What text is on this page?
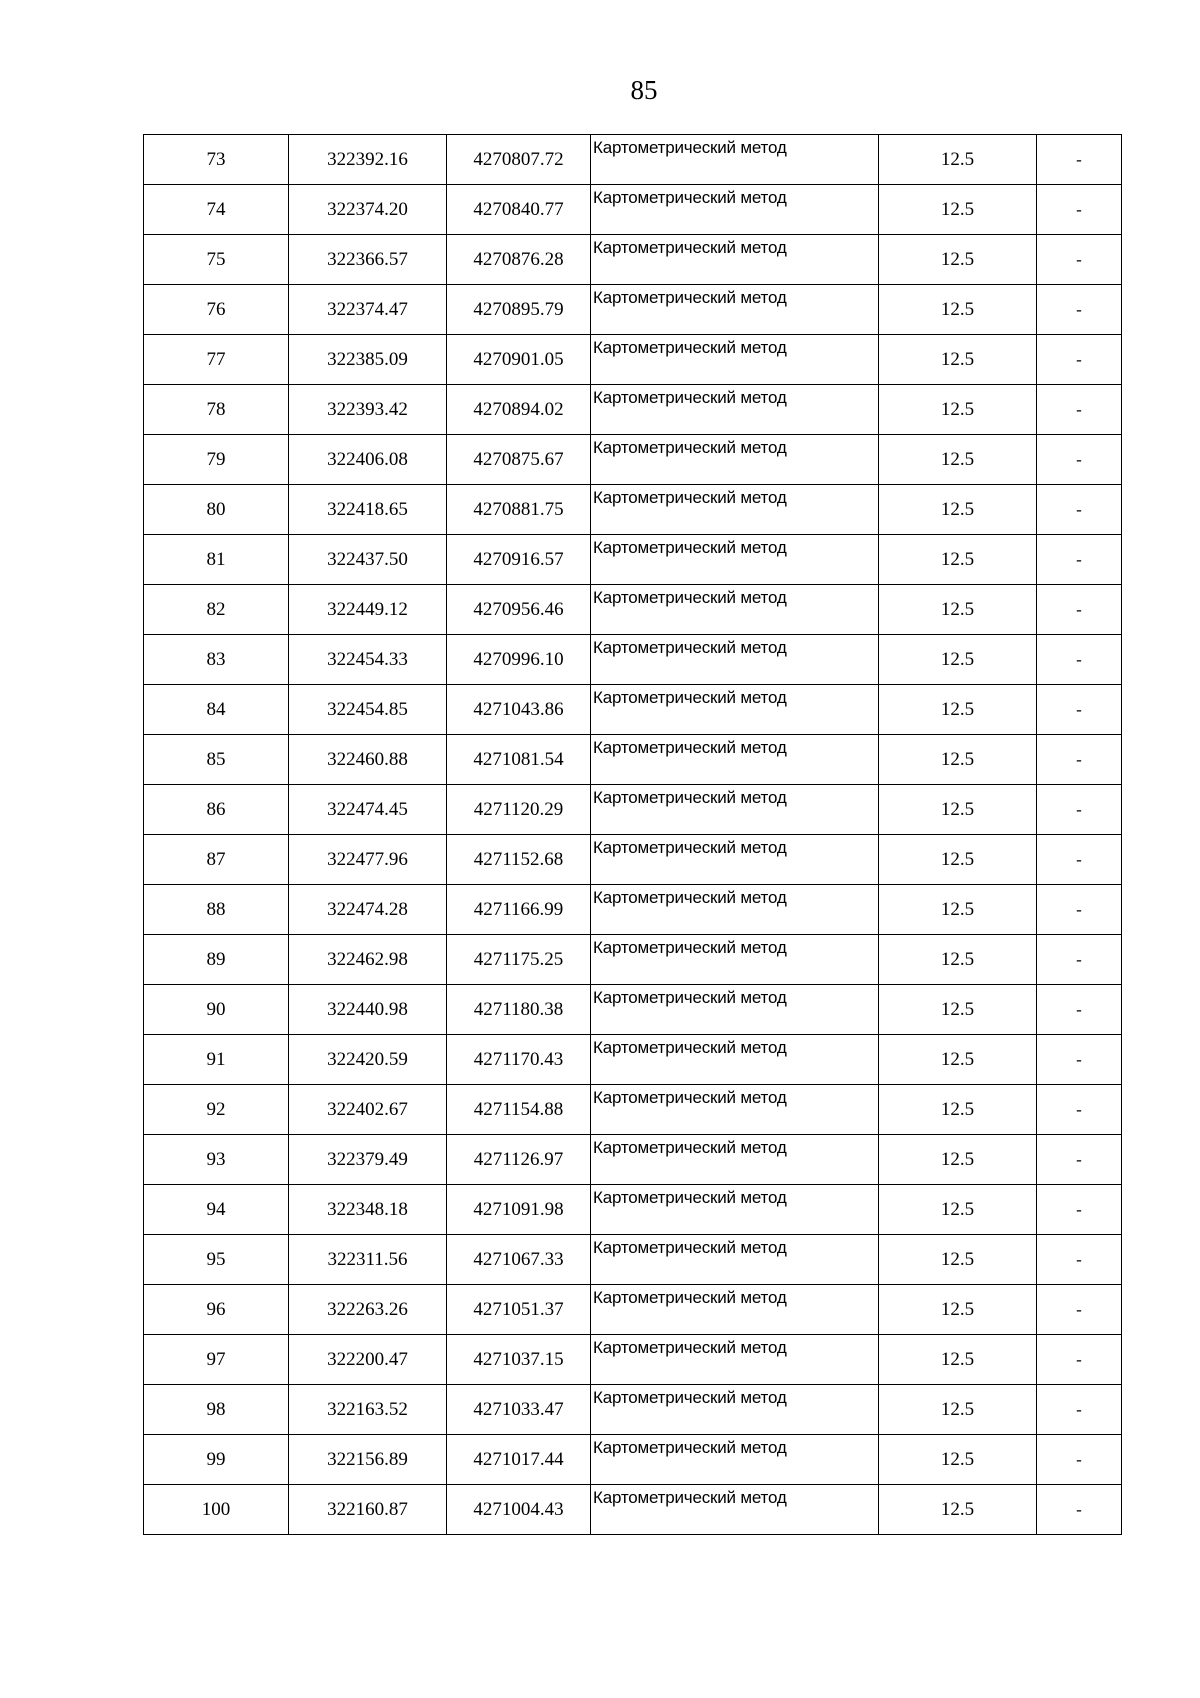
85
73	322392.16	4270807.72	Картометрический метод	12.5	-
74	322374.20	4270840.77	Картометрический метод	12.5	-
75	322366.57	4270876.28	Картометрический метод	12.5	-
76	322374.47	4270895.79	Картометрический метод	12.5	-
77	322385.09	4270901.05	Картометрический метод	12.5	-
78	322393.42	4270894.02	Картометрический метод	12.5	-
79	322406.08	4270875.67	Картометрический метод	12.5	-
80	322418.65	4270881.75	Картометрический метод	12.5	-
81	322437.50	4270916.57	Картометрический метод	12.5	-
82	322449.12	4270956.46	Картометрический метод	12.5	-
83	322454.33	4270996.10	Картометрический метод	12.5	-
84	322454.85	4271043.86	Картометрический метод	12.5	-
85	322460.88	4271081.54	Картометрический метод	12.5	-
86	322474.45	4271120.29	Картометрический метод	12.5	-
87	322477.96	4271152.68	Картометрический метод	12.5	-
88	322474.28	4271166.99	Картометрический метод	12.5	-
89	322462.98	4271175.25	Картометрический метод	12.5	-
90	322440.98	4271180.38	Картометрический метод	12.5	-
91	322420.59	4271170.43	Картометрический метод	12.5	-
92	322402.67	4271154.88	Картометрический метод	12.5	-
93	322379.49	4271126.97	Картометрический метод	12.5	-
94	322348.18	4271091.98	Картометрический метод	12.5	-
95	322311.56	4271067.33	Картометрический метод	12.5	-
96	322263.26	4271051.37	Картометрический метод	12.5	-
97	322200.47	4271037.15	Картометрический метод	12.5	-
98	322163.52	4271033.47	Картометрический метод	12.5	-
99	322156.89	4271017.44	Картометрический метод	12.5	-
100	322160.87	4271004.43	Картометрический метод	12.5	-
